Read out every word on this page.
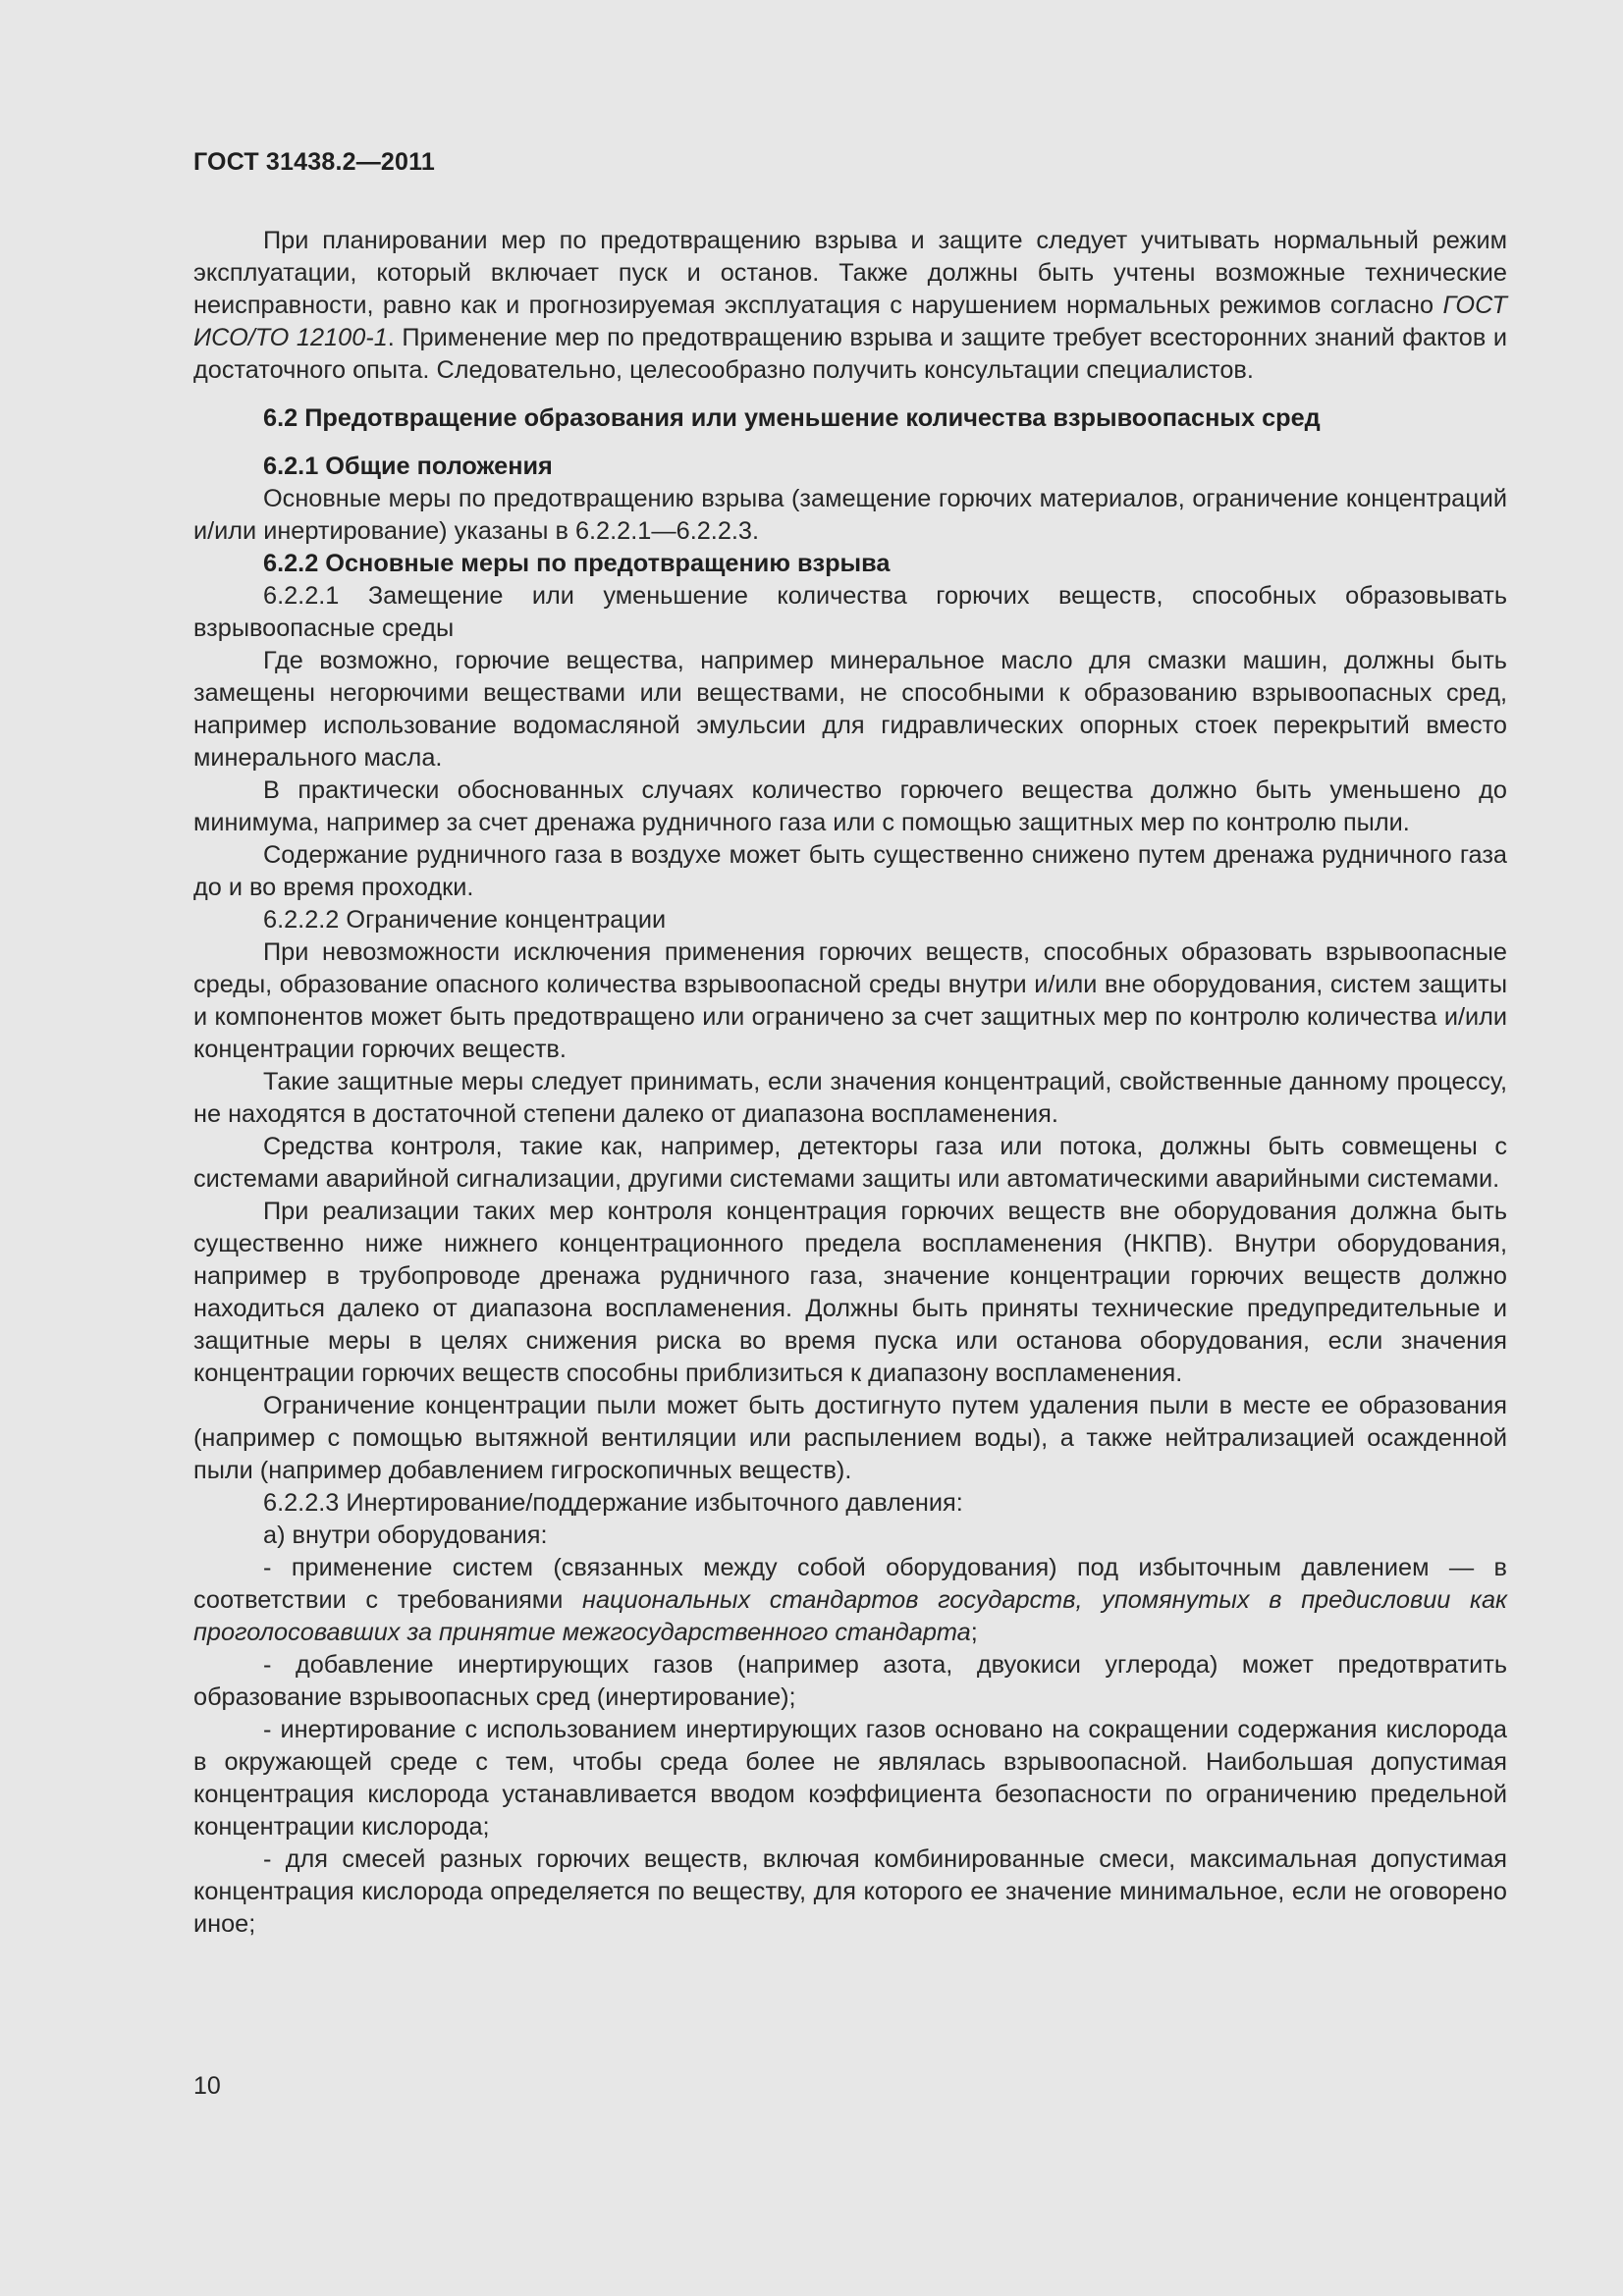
ГОСТ 31438.2—2011

При планировании мер по предотвращению взрыва и защите следует учитывать нормальный режим эксплуатации, который включает пуск и останов. Также должны быть учтены возможные технические неисправности, равно как и прогнозируемая эксплуатация с нарушением нормальных режимов согласно ГОСТ ИСО/ТО 12100-1. Применение мер по предотвращению взрыва и защите требует всесторонних знаний фактов и достаточного опыта. Следовательно, целесообразно получить консультации специалистов.

6.2 Предотвращение образования или уменьшение количества взрывоопасных сред

6.2.1 Общие положения

Основные меры по предотвращению взрыва (замещение горючих материалов, ограничение концентраций и/или инертирование) указаны в 6.2.2.1—6.2.2.3.

6.2.2 Основные меры по предотвращению взрыва

6.2.2.1 Замещение или уменьшение количества горючих веществ, способных образовывать взрывоопасные среды

Где возможно, горючие вещества, например минеральное масло для смазки машин, должны быть замещены негорючими веществами или веществами, не способными к образованию взрывоопасных сред, например использование водомасляной эмульсии для гидравлических опорных стоек перекрытий вместо минерального масла.

В практически обоснованных случаях количество горючего вещества должно быть уменьшено до минимума, например за счет дренажа рудничного газа или с помощью защитных мер по контролю пыли.

Содержание рудничного газа в воздухе может быть существенно снижено путем дренажа рудничного газа до и во время проходки.

6.2.2.2 Ограничение концентрации

При невозможности исключения применения горючих веществ, способных образовать взрывоопасные среды, образование опасного количества взрывоопасной среды внутри и/или вне оборудования, систем защиты и компонентов может быть предотвращено или ограничено за счет защитных мер по контролю количества и/или концентрации горючих веществ.

Такие защитные меры следует принимать, если значения концентраций, свойственные данному процессу, не находятся в достаточной степени далеко от диапазона воспламенения.

Средства контроля, такие как, например, детекторы газа или потока, должны быть совмещены с системами аварийной сигнализации, другими системами защиты или автоматическими аварийными системами.

При реализации таких мер контроля концентрация горючих веществ вне оборудования должна быть существенно ниже нижнего концентрационного предела воспламенения (НКПВ). Внутри оборудования, например в трубопроводе дренажа рудничного газа, значение концентрации горючих веществ должно находиться далеко от диапазона воспламенения. Должны быть приняты технические предупредительные и защитные меры в целях снижения риска во время пуска или останова оборудования, если значения концентрации горючих веществ способны приблизиться к диапазону воспламенения.

Ограничение концентрации пыли может быть достигнуто путем удаления пыли в месте ее образования (например с помощью вытяжной вентиляции или распылением воды), а также нейтрализацией осажденной пыли (например добавлением гигроскопичных веществ).

6.2.2.3 Инертирование/поддержание избыточного давления:

а) внутри оборудования:

- применение систем (связанных между собой оборудования) под избыточным давлением — в соответствии с требованиями национальных стандартов государств, упомянутых в предисловии как проголосовавших за принятие межгосударственного стандарта;

- добавление инертирующих газов (например азота, двуокиси углерода) может предотвратить образование взрывоопасных сред (инертирование);

- инертирование с использованием инертирующих газов основано на сокращении содержания кислорода в окружающей среде с тем, чтобы среда более не являлась взрывоопасной. Наибольшая допустимая концентрация кислорода устанавливается вводом коэффициента безопасности по ограничению предельной концентрации кислорода;

- для смесей разных горючих веществ, включая комбинированные смеси, максимальная допустимая концентрация кислорода определяется по веществу, для которого ее значение минимальное, если не оговорено иное;

10
